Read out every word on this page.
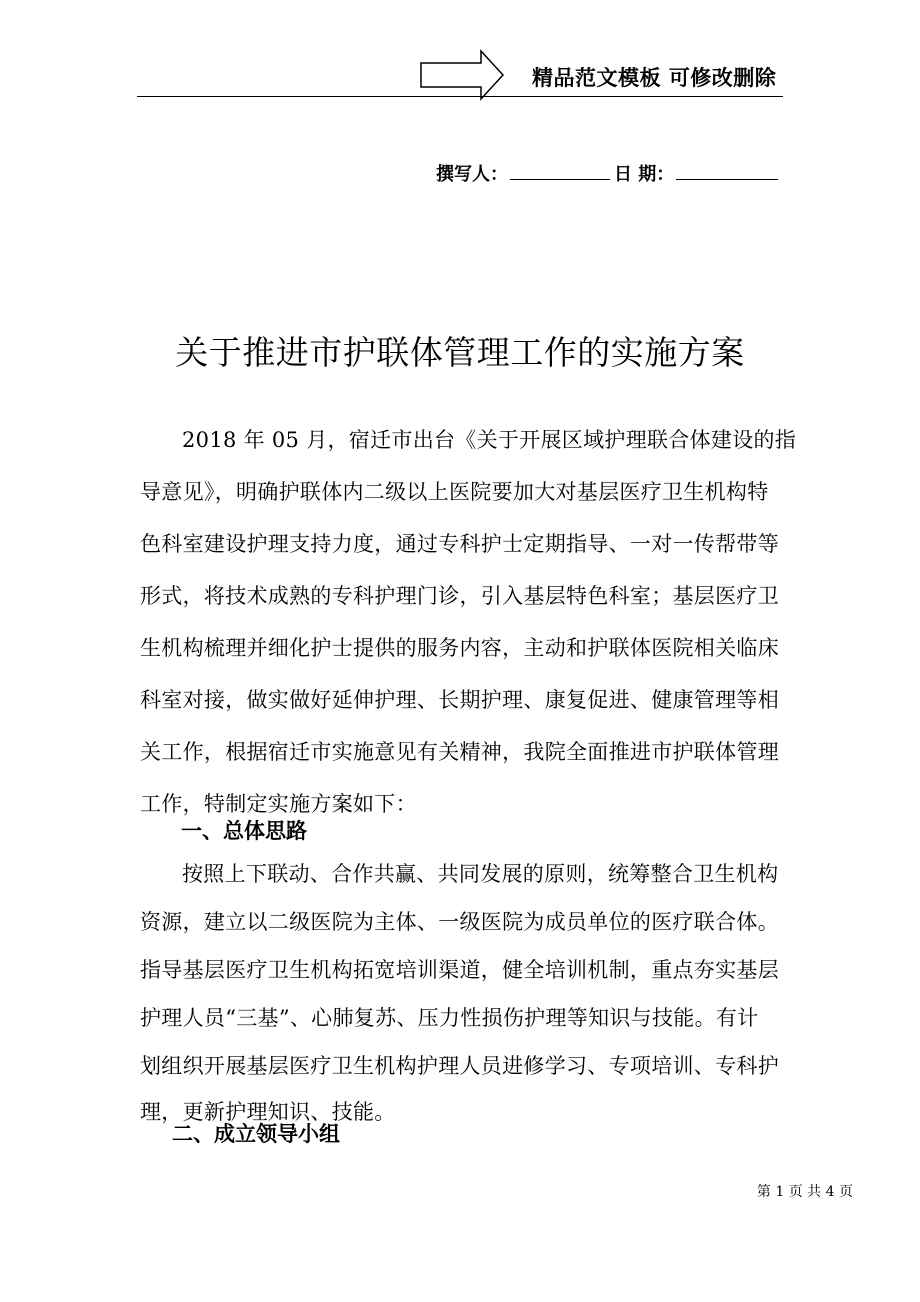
精品范文模板 可修改删除
撰写人：	日 期：
关于推进市护联体管理工作的实施方案
2018 年 05 月，宿迁市出台《关于开展区域护理联合体建设的指
导意见》，明确护联体内二级以上医院要加大对基层医疗卫生机构特
色科室建设护理支持力度，通过专科护士定期指导、一对一传帮带等
形式，将技术成熟的专科护理门诊，引入基层特色科室；基层医疗卫
生机构梳理并细化护士提供的服务内容，主动和护联体医院相关临床
科室对接，做实做好延伸护理、长期护理、康复促进、健康管理等相
关工作，根据宿迁市实施意见有关精神，我院全面推进市护联体管理
工作，特制定实施方案如下：
一、总体思路
按照上下联动、合作共赢、共同发展的原则，统筹整合卫生机构
资源，建立以二级医院为主体、一级医院为成员单位的医疗联合体。
指导基层医疗卫生机构拓宽培训渠道，健全培训机制，重点夯实基层
护理人员“三基”、心肺复苏、压力性损伤护理等知识与技能。有计
划组织开展基层医疗卫生机构护理人员进修学习、专项培训、专科护
理，更新护理知识、技能。
二、成立领导小组
第 1 页 共 4 页
